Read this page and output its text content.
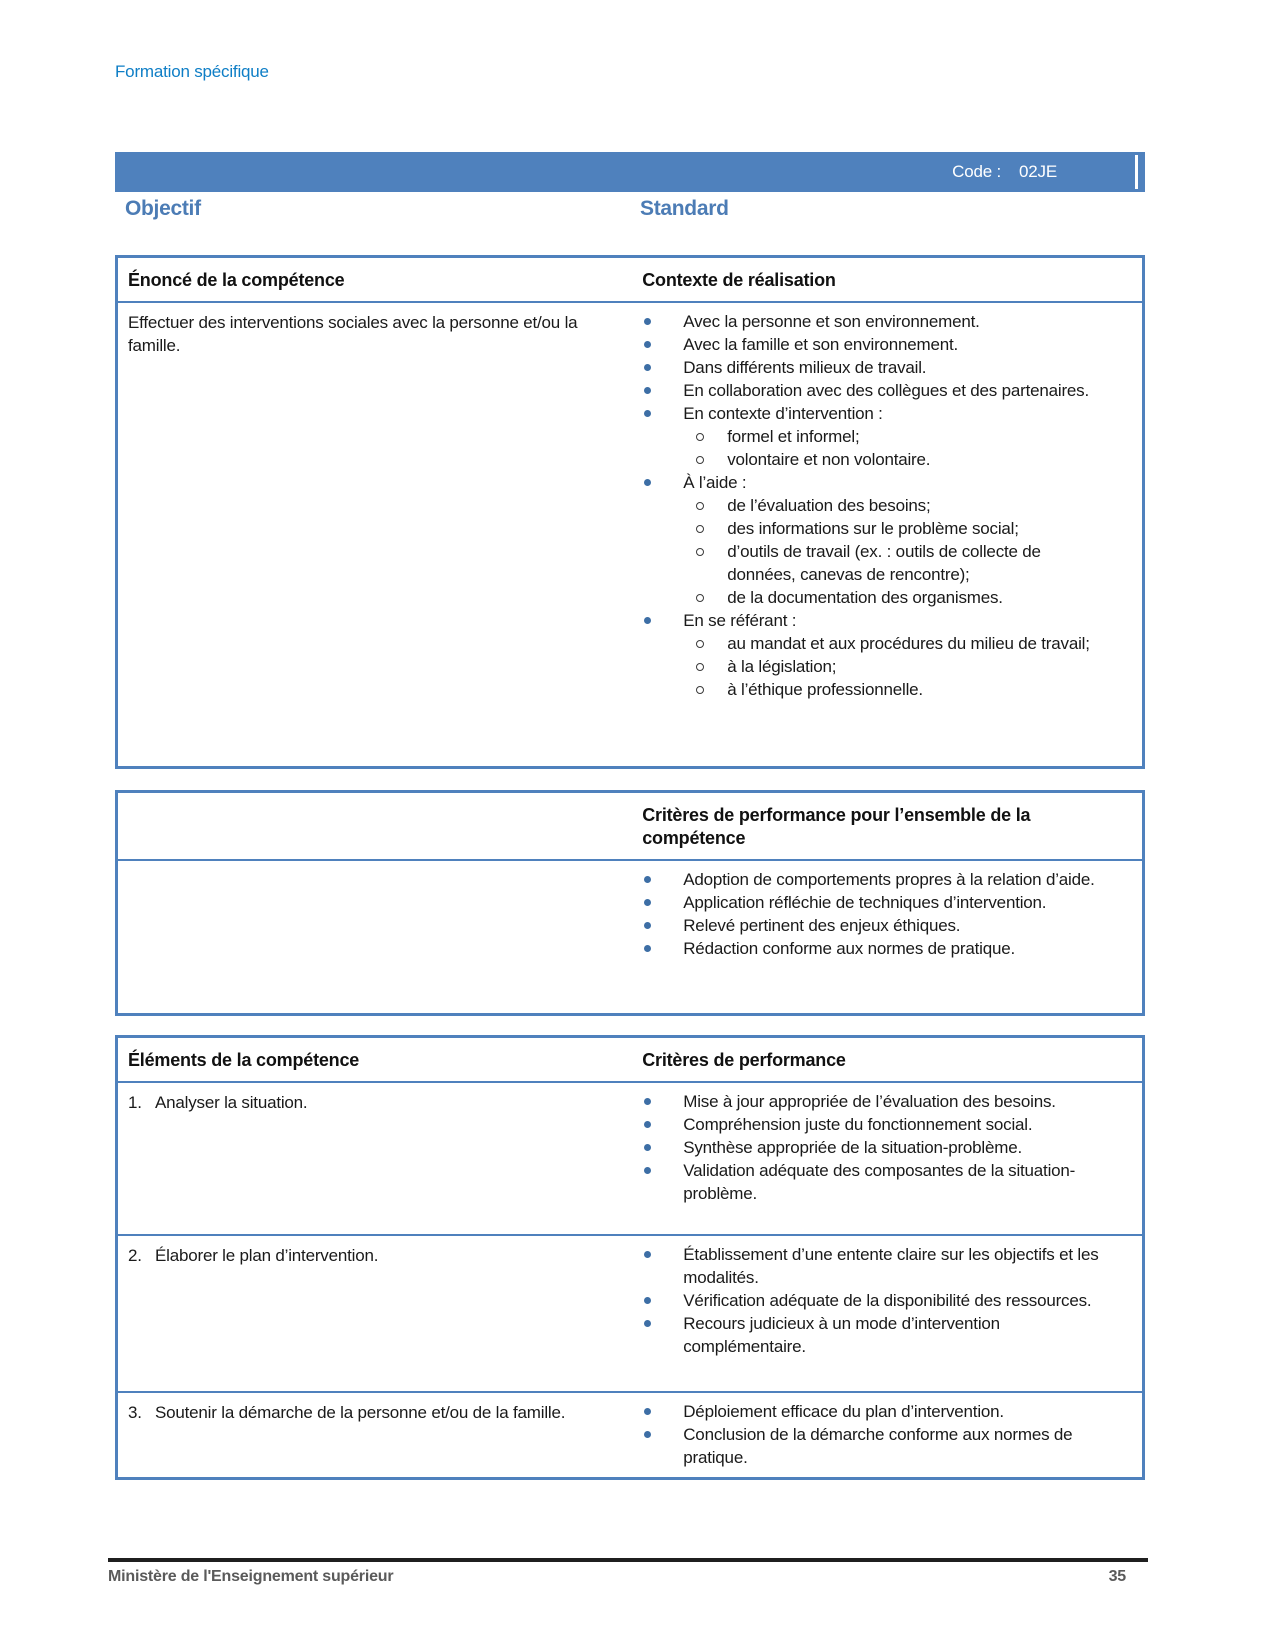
Formation spécifique
Code : 02JE
Objectif	Standard
Énoncé de la compétence	Contexte de réalisation
Effectuer des interventions sociales avec la personne et/ou la famille.
Avec la personne et son environnement.
Avec la famille et son environnement.
Dans différents milieux de travail.
En collaboration avec des collègues et des partenaires.
En contexte d’intervention :
formel et informel;
volontaire et non volontaire.
À l’aide :
de l’évaluation des besoins;
des informations sur le problème social;
d’outils de travail (ex. : outils de collecte de données, canevas de rencontre);
de la documentation des organismes.
En se référant :
au mandat et aux procédures du milieu de travail;
à la législation;
à l’éthique professionnelle.
Critères de performance pour l’ensemble de la compétence
Adoption de comportements propres à la relation d’aide.
Application réfléchie de techniques d’intervention.
Relevé pertinent des enjeux éthiques.
Rédaction conforme aux normes de pratique.
Éléments de la compétence	Critères de performance
1. Analyser la situation.	Mise à jour appropriée de l’évaluation des besoins.
Compréhension juste du fonctionnement social.
Synthèse appropriée de la situation-problème.
Validation adéquate des composantes de la situation-problème.
2. Élaborer le plan d’intervention.	Établissement d’une entente claire sur les objectifs et les modalités.
Vérification adéquate de la disponibilité des ressources.
Recours judicieux à un mode d’intervention complémentaire.
3. Soutenir la démarche de la personne et/ou de la famille.	Déploiement efficace du plan d’intervention.
Conclusion de la démarche conforme aux normes de pratique.
Ministère de l'Enseignement supérieur	35
